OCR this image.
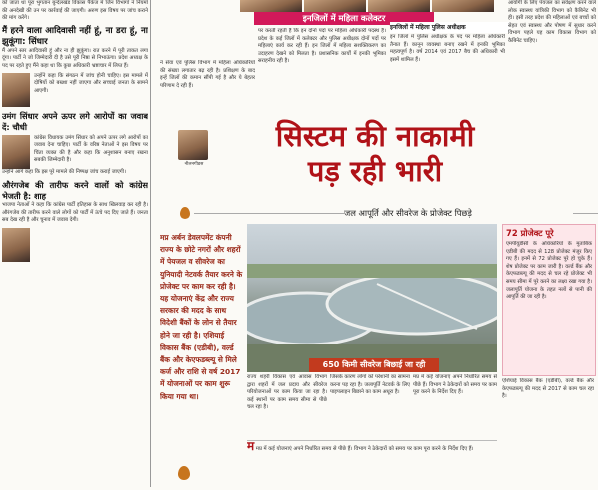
को जाता था पूरा भुगतान बुन्देलखंड विकास पैकेज में जिन विभागों ने नियमों की अनदेखी की उन पर कार्रवाई की जाएगी। अरुण इस विषय पर जांच कराने की मांग करेंगे।

मैं हरने वाला आदिवासी नहीं हूं, ना डरा हूं, ना झुकूंगा: सिंधार

मैं अपने स्तर आदिवासी हूं और ना ही झुकूंगा। रात करने में पूरी ताकत लगा दूंगा। पार्टी ने जो जिम्मेदारी दी है उसे पूरी निष्ठा से निभाऊंगा। प्रदेश अध्यक्ष के पद पर रहते हुए मैंने कहा था कि कुछ अधिकारी भ्रष्टाचार में लिप्त हैं।

उन्होंने कहा कि संगठन में जांच होनी चाहिए। इस मामले में दोषियों को बख्शा नहीं जाएगा और सच्चाई जनता के सामने आएगी।

उमंग सिंधार अपने ऊपर लगे आरोपों का जवाब दें: चौधी

कांग्रेस विधायक उमंग सिंधार को अपने ऊपर लगे आरोपों का जवाब देना चाहिए। पार्टी के वरिष्ठ नेताओं ने इस विषय पर चिंता व्यक्त की है और कहा कि अनुशासन बनाए रखना सबकी जिम्मेदारी है।

उन्होंने आगे कहा कि इस पूरे मामले की निष्पक्ष जांच कराई जाएगी।

औरंगजेब की तारीफ करने वालों को कांग्रेस भेजती है: शाह

भाजपा नेताओं ने कहा कि कांग्रेस पार्टी इतिहास के साथ खिलवाड़ कर रही है। औरंगजेब की तारीफ करने वाले लोगों को पार्टी में ऊंचे पद दिए जाते हैं। जनता सब देख रही है और चुनाव में जवाब देगी।

इनजिलों में महिला कलेक्टर
पर करती रहती है कि इन दोनों पदों पर महिला अधिकारी पदस्थ हैं। प्रदेश के कई जिलों में कलेक्टर और पुलिस अधीक्षक दोनों पदों पर महिलाएं कार्य कर रही हैं। इन जिलों में महिला सशक्तिकरण का उदाहरण देखने को मिलता है। प्रशासनिक कार्यों में इनकी भूमिका सराहनीय रही है।
ने सेवा एवं पुलिस विभाग में महिला अधिकारियों की संख्या लगातार बढ़ रही है। प्रशिक्षण के बाद इन्हें जिलों की कमान सौंपी गई है और ये बेहतर परिणाम दे रही हैं।
इनजिलों में महिला पुलिस अधीक्षक
इन जिलों में पुलिस अधीक्षक के पद पर महिला अधिकारी तैनात हैं। कानून व्यवस्था बनाए रखने में इनकी भूमिका महत्वपूर्ण है। वर्ष 2014 एवं 2017 बैच की अधिकारी भी इसमें शामिल हैं।
आयोगी के लिए पेयजल का सर्वेक्षण करने वाले लोक स्वास्थ्य यांत्रिकी विभाग को कैबिनेट भी ही। इसी तरह प्रदेश की महिलाओं एवं बच्चों को सेहत एवं स्वास्थ्य और पोषण में सुधार करने विभाग पहले यह काम विकास विभाग को कैबिनेट चाहिए।
नीलनगीडस
सिस्टम की नाकामी
पड़ रही भारी
जल आपूर्ति और सीवरेज के प्रोजेक्ट पिछड़े
मप्र अर्बन डेवलपमेंट कंपनी राज्य के छोटे नगरों और शहरों में पेयजल व सीवरेज का युनियादी नेटवर्क तैयार करने के प्रोजेक्ट पर काम कर रही है। यह योजनाएं केंद्र और राज्य सरकार की मदद के साथ विदेशी बैंकों के लोन से तैयार होने जा रही है। एशियाई विकास बैंक (एडीबी), वर्ल्ड बैंक और केएफडब्ल्यू से मिले कर्ज और राशि से वर्ष 2017 में योजनाओं पर काम शुरू किया गया था।
650 किमी सीवरेज बिछाई जा रही
राज्य शहरी विकास एवं आवास विभाग द्वारा शहरों में जल प्रदाय और सीवरेज परियोजनाओं पर काम किया जा रहा है। कई स्थानों पर काम समय सीमा से पीछे चल रहा है।
जिसके कारण लोगों को परेशानी का सामना करना पड़ रहा है। जलापूर्ति नेटवर्क के लिए पाइपलाइन बिछाने का काम अधूरा है।
मप्र में कई योजनाएं अपने निर्धारित समय से पीछे हैं। विभाग ने ठेकेदारों को समय पर काम पूरा करने के निर्देश दिए हैं।
म मप्र में कई योजनाएं अपने निर्धारित समय से पीछे हैं। विभाग ने ठेकेदारों को समय पर काम पूरा करने के निर्देश दिए हैं।
72 प्रोजेक्ट पूरे
एमपीयूडीसी के अधिकारियों के मुताबिक एडीबी की मदद से 128 प्रोजेक्ट मंजूर किए गए हैं। इनमें से 72 प्रोजेक्ट पूरे हो चुके हैं। शेष प्रोजेक्ट पर काम जारी है। वर्ल्ड बैंक और केएफडब्ल्यू की मदद से चल रहे प्रोजेक्ट भी समय सीमा में पूरे करने का लक्ष्य रखा गया है। जलापूर्ति योजना के तहत नलों से पानी की आपूर्ति की जा रही है।
एशियाई विकास बैंक (एडीबी), वर्ल्ड बैंक और केएफडब्ल्यू की मदद से 2017 से काम चल रहा है।
